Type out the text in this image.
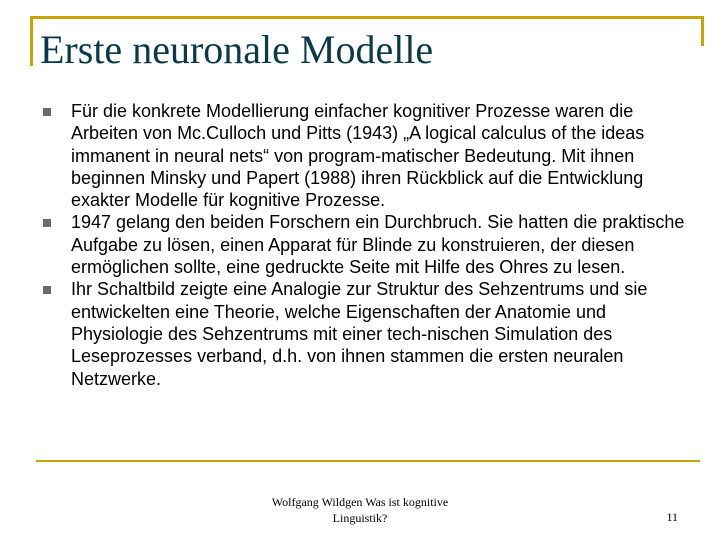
Erste neuronale Modelle
Für die konkrete Modellierung einfacher kognitiver Prozesse waren die Arbeiten von Mc.Culloch und Pitts (1943) „A logical calculus of the ideas immanent in neural nets“ von program-matischer Bedeutung. Mit ihnen beginnen Minsky und Papert (1988) ihren Rückblick auf die Entwicklung exakter Modelle für kognitive Prozesse.
1947 gelang den beiden Forschern ein Durchbruch. Sie hatten die praktische Aufgabe zu lösen, einen Apparat für Blinde zu konstruieren, der diesen ermöglichen sollte, eine gedruckte Seite mit Hilfe des Ohres zu lesen.
Ihr Schaltbild zeigte eine Analogie zur Struktur des Sehzentrums und sie entwickelten eine Theorie, welche Eigenschaften der Anatomie und Physiologie des Sehzentrums mit einer tech-nischen Simulation des Leseprozesses verband, d.h. von ihnen stammen die ersten neuralen Netzwerke.
Wolfgang Wildgen Was ist kognitive
Linguistik?	11
